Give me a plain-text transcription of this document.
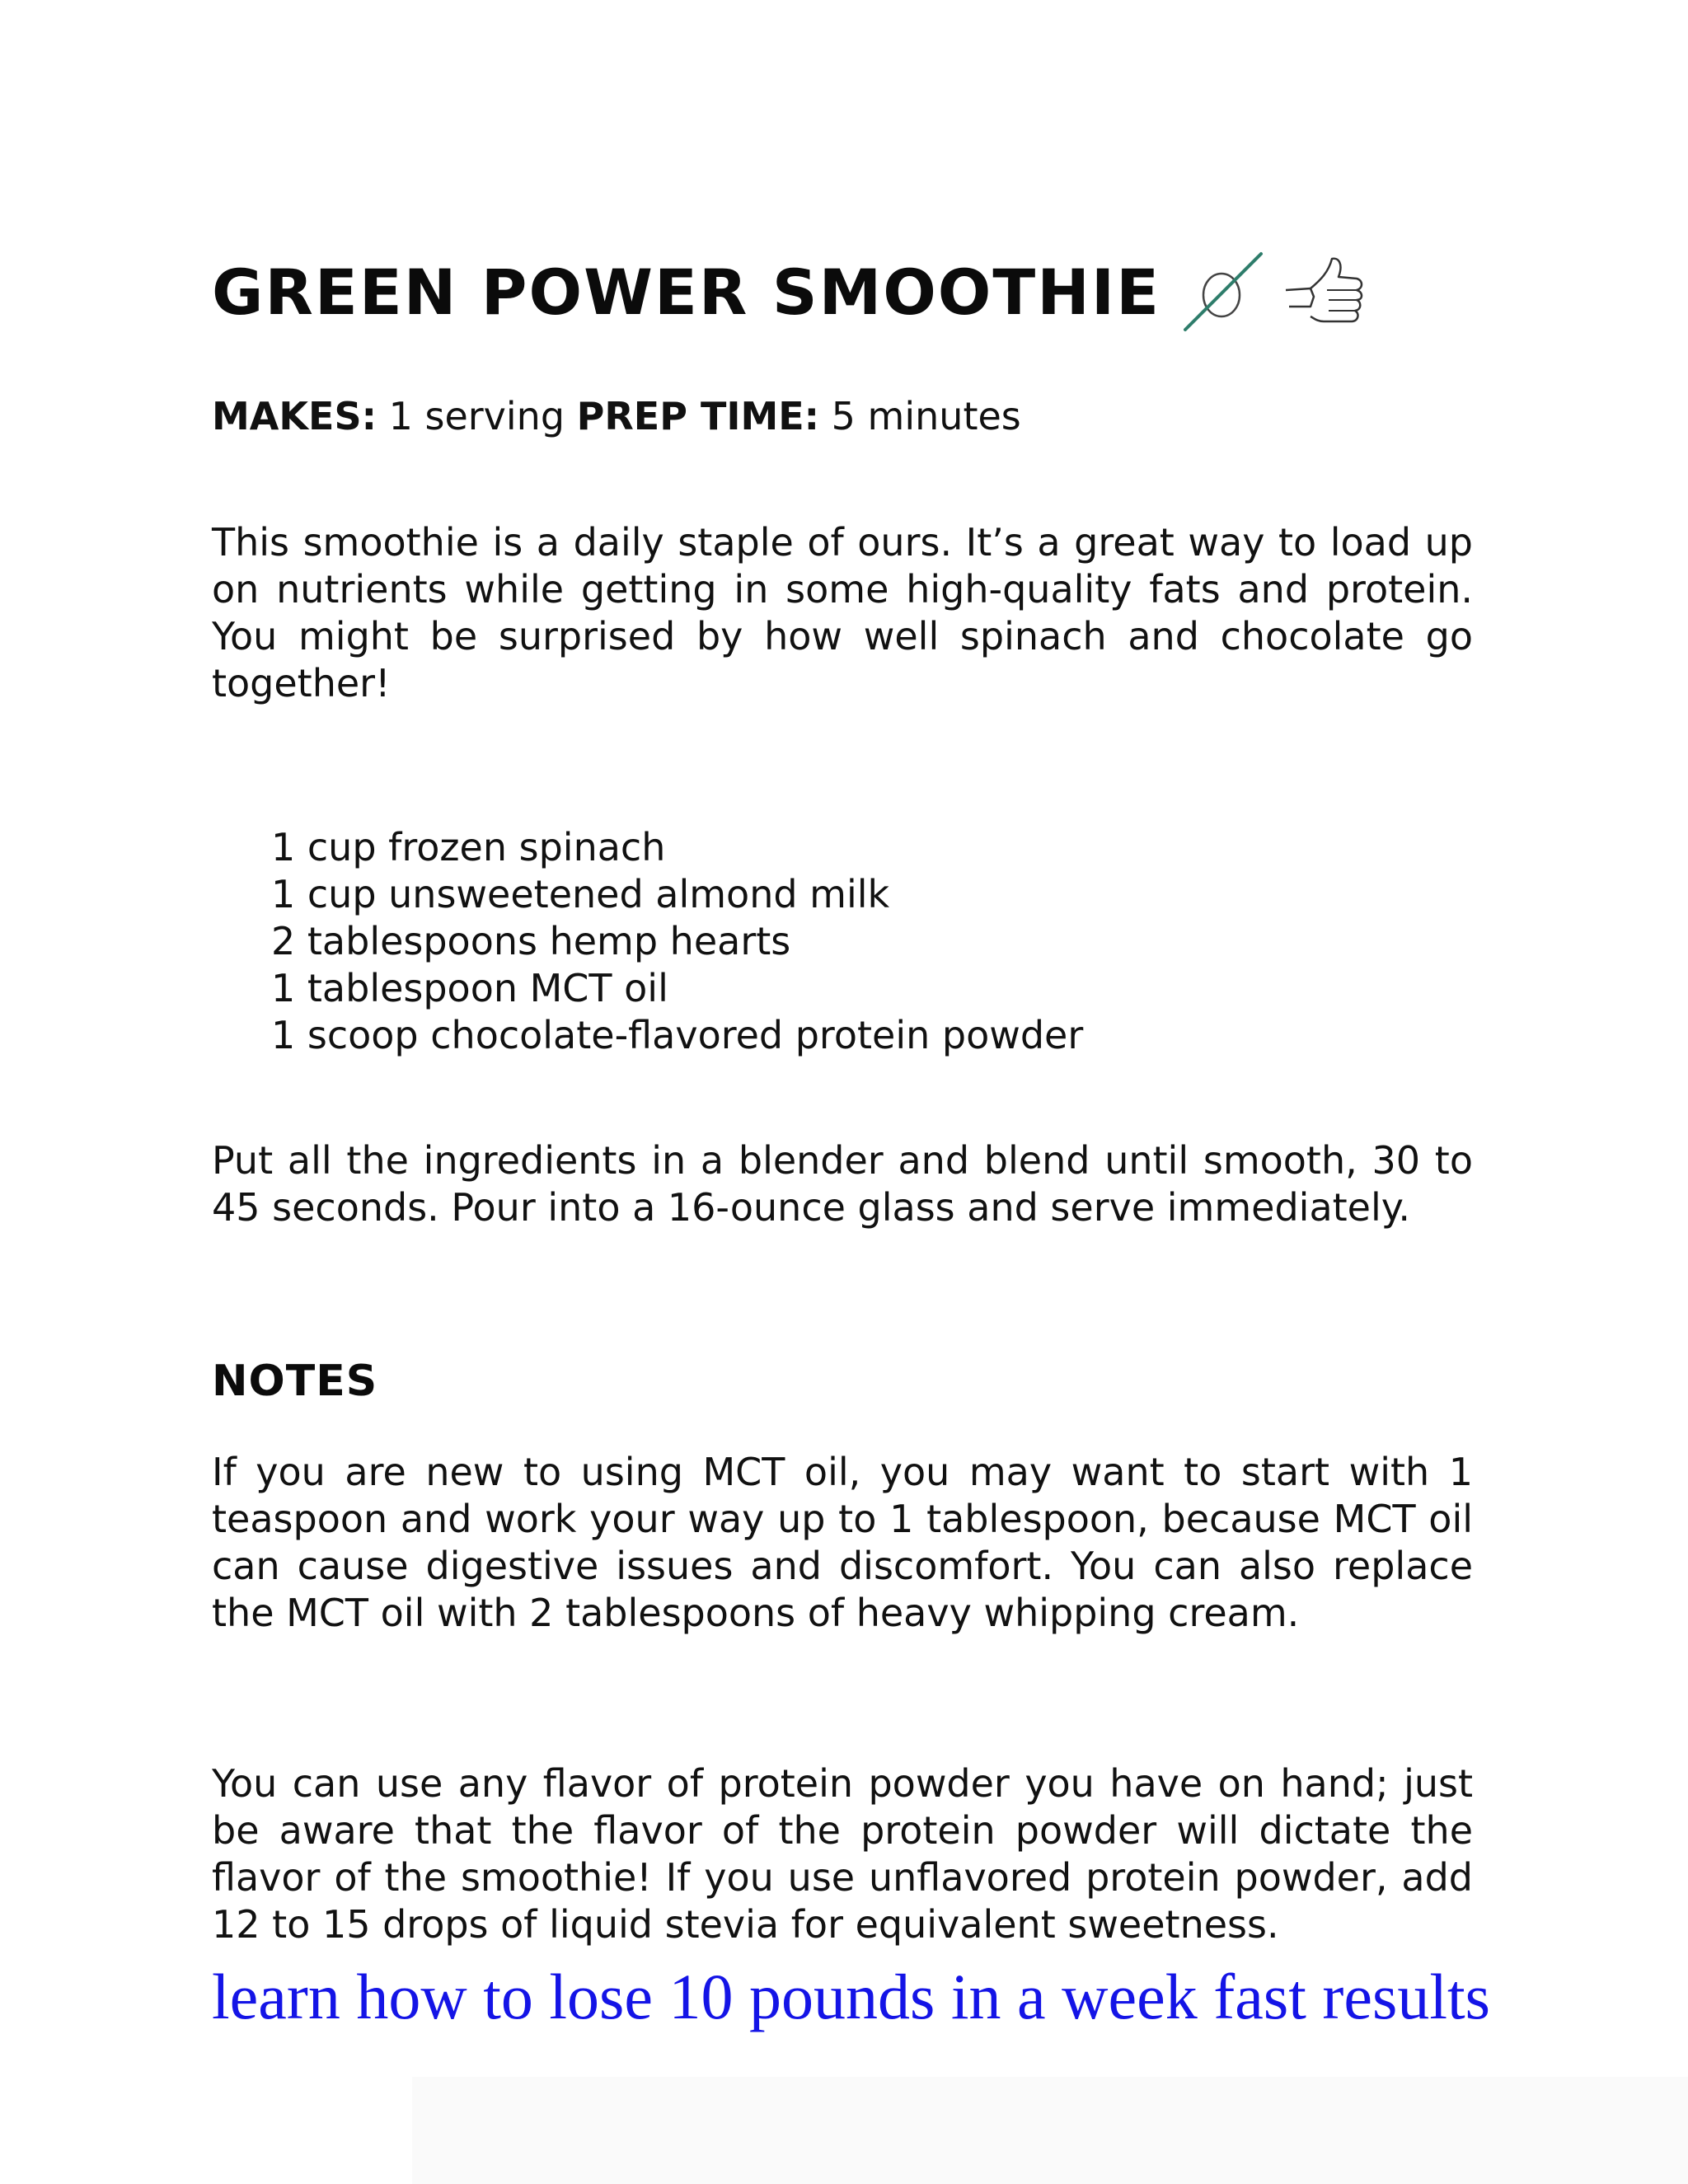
GREEN POWER SMOOTHIE
MAKES: 1 serving PREP TIME: 5 minutes

This smoothie is a daily staple of ours. It’s a great way to load up on nutrients while getting in some high-quality fats and protein. You might be surprised by how well spinach and chocolate go together!

1 cup frozen spinach
1 cup unsweetened almond milk
2 tablespoons hemp hearts
1 tablespoon MCT oil
1 scoop chocolate-flavored protein powder

Put all the ingredients in a blender and blend until smooth, 30 to 45 seconds. Pour into a 16-ounce glass and serve immediately.

NOTES

If you are new to using MCT oil, you may want to start with 1 teaspoon and work your way up to 1 tablespoon, because MCT oil can cause digestive issues and discomfort. You can also replace the MCT oil with 2 tablespoons of heavy whipping cream.

You can use any flavor of protein powder you have on hand; just be aware that the flavor of the protein powder will dictate the flavor of the smoothie! If you use unflavored protein powder, add 12 to 15 drops of liquid stevia for equivalent sweetness.

learn how to lose 10 pounds in a week fast results
